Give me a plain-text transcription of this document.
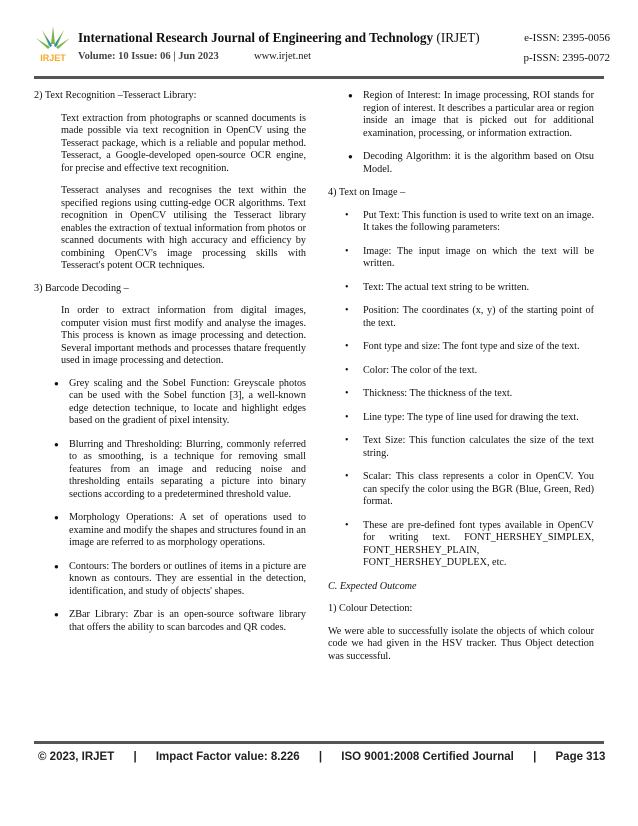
IRJET
International Research Journal of Engineering and Technology (IRJET)	e-ISSN: 2395-0056
Volume: 10 Issue: 06 | Jun 2023	www.irjet.net	p-ISSN: 2395-0072
2) Text Recognition –Tesseract Library:

Text extraction from photographs or scanned documents is made possible via text recognition in OpenCV using the Tesseract package, which is a reliable and popular method. Tesseract, a Google-developed open-source OCR engine, for precise and effective text recognition.

Tesseract analyses and recognises the text within the specified regions using cutting-edge OCR algorithms. Text recognition in OpenCV utilising the Tesseract library enables the extraction of textual information from photos or scanned documents with high accuracy and efficiency by combining OpenCV's image processing skills with Tesseract's potent OCR techniques.

3) Barcode Decoding –

In order to extract information from digital images, computer vision must first modify and analyse the images. This process is known as image processing and detection. Several important methods and processes thatare frequently used in image processing and detection.

● Grey scaling and the Sobel Function: Greyscale photos can be used with the Sobel function [3], a well-known edge detection technique, to locate and highlight edges based on the gradient of pixel intensity.
● Blurring and Thresholding: Blurring, commonly referred to as smoothing, is a technique for removing small features from an image and reducing noise and thresholding entails separating a picture into binary sections according to a predetermined threshold value.
● Morphology Operations: A set of operations used to examine and modify the shapes and structures found in an image are referred to as morphology operations.
● Contours: The borders or outlines of items in a picture are known as contours. They are essential in the detection, identification, and study of objects' shapes.
● ZBar Library: Zbar is an open-source software library that offers the ability to scan barcodes and QR codes.
● Region of Interest: In image processing, ROI stands for region of interest. It describes a particular area or region inside an image that is picked out for additional examination, processing, or information extraction.
● Decoding Algorithm: it is the algorithm based on Otsu Model.
4) Text on Image –
• Put Text: This function is used to write text on an image. It takes the following parameters:
• Image: The input image on which the text will be written.
• Text: The actual text string to be written.
• Position: The coordinates (x, y) of the starting point of the text.
• Font type and size: The font type and size of the text.
• Color: The color of the text.
• Thickness: The thickness of the text.
• Line type: The type of line used for drawing the text.
• Text Size: This function calculates the size of the text string.
• Scalar: This class represents a color in OpenCV. You can specify the color using the BGR (Blue, Green, Red) format.
• These are pre-defined font types available in OpenCV for writing text. FONT_HERSHEY_SIMPLEX, FONT_HERSHEY_PLAIN, FONT_HERSHEY_DUPLEX, etc.
C. Expected Outcome
1) Colour Detection:

We were able to successfully isolate the objects of which colour code we had given in the HSV tracker. Thus Object detection was successful.

© 2023, IRJET | Impact Factor value: 8.226 | ISO 9001:2008 Certified Journal | Page 313
